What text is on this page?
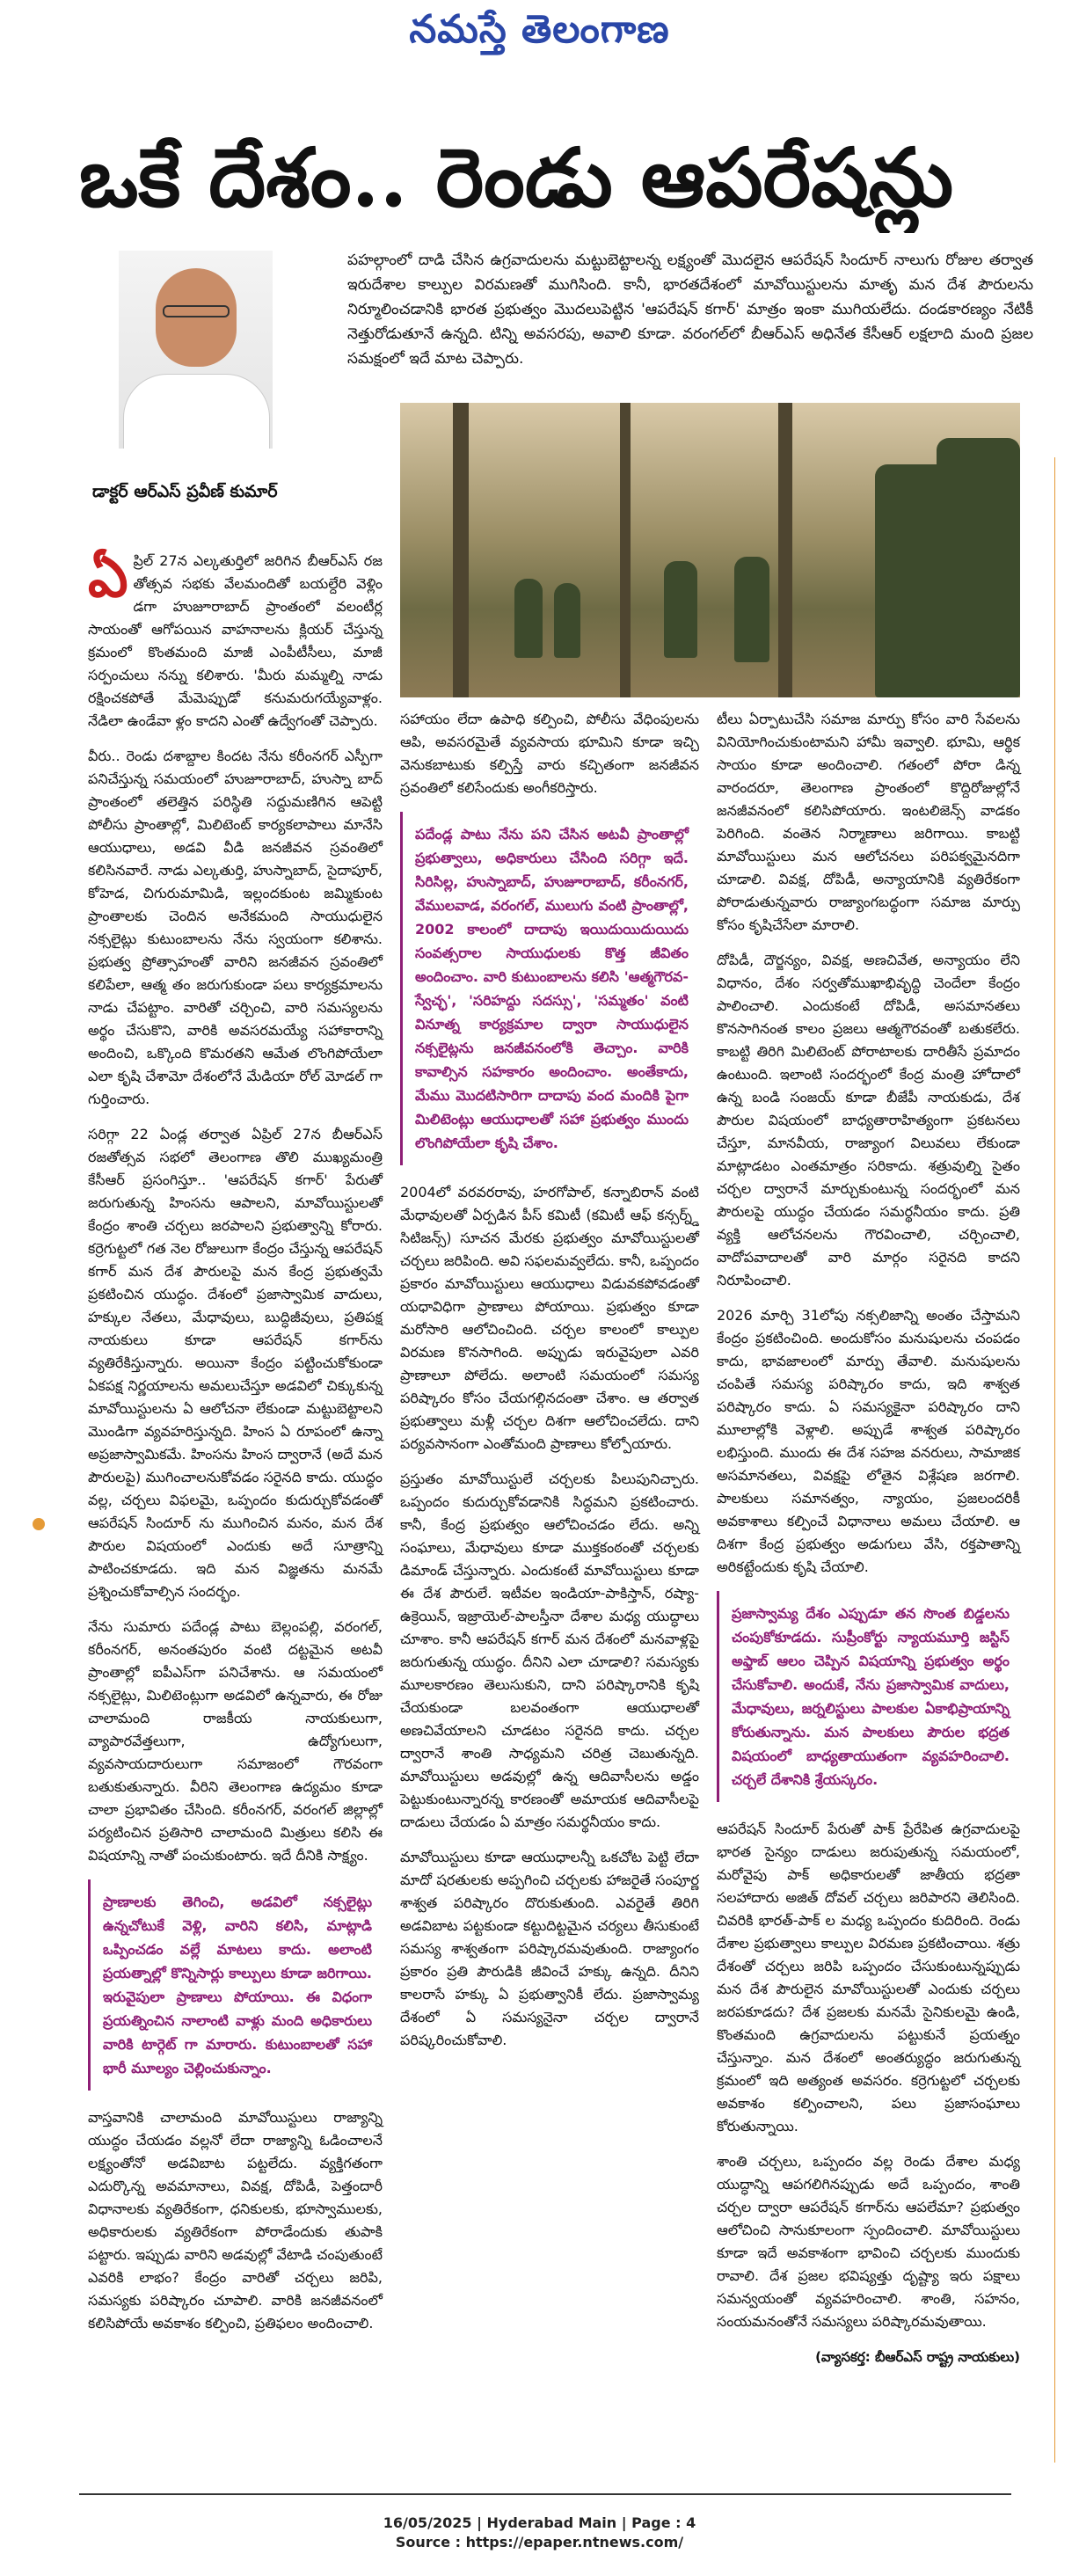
నమస్తే తెలంగాణ
ఒకే దేశం.. రెండు ఆపరేషన్లు
డాక్టర్ ఆర్ఎస్ ప్రవీణ్ కుమార్

పహల్గాంలో దాడి చేసిన ఉగ్రవాదులను మట్టుబెట్టాలన్న లక్ష్యంతో మొదలైన ఆపరేషన్ సిందూర్ నాలుగు రోజుల తర్వాత ఇరుదేశాల కాల్పుల విరమణతో ముగిసింది. కానీ, భారతదేశంలో మావోయిస్టులను మాతృ మన దేశ పౌరులను నిర్మూలించడానికి భారత ప్రభుత్వం మొదలుపెట్టిన 'ఆపరేషన్ కగార్' మాత్రం ఇంకా ముగియలేదు. దండకారణ్యం నేటికీ నెత్తురోడుతూనే ఉన్నది. టిన్ని అవసరపు, అవాలి కూడా. వరంగల్‌లో బీఆర్ఎస్ అధినేత కేసీఆర్ లక్షలాది మంది ప్రజల సమక్షంలో ఇదే మాట చెప్పారు.

ఏప్రిల్ 27న ఎల్కతుర్తిలో జరిగిన బీఆర్ఎస్ రజ తోత్సవ సభకు వేలమందితో బయల్దేరి వెళ్లిం డగా హుజూరాబాద్ ప్రాంతంలో వలంటీర్ల సాయంతో ఆగోపయిన వాహనాలను క్లియర్ చేస్తున్న క్రమంలో కొంతమంది మాజీ ఎంపీటీసీలు, మాజీ సర్పంచులు నన్ను కలిశారు. 'మీరు మమ్మల్ని నాడు రక్షించకపోతే మేమెప్పుడో కనుమరుగయ్యేవాళ్లం. నేడిలా ఉండేవా ళ్లం కాదని ఎంతో ఉద్వేగంతో చెప్పారు.

వీరు.. రెండు దశాబ్దాల కిందట నేను కరీంనగర్ ఎస్పీగా పనిచేస్తున్న సమయంలో హుజూరాబాద్, హుస్నా బాద్ ప్రాంతంలో తలెత్తిన పరిస్థితి సద్దుమణిగిన ఆపెట్టి పోలీసు ప్రాంతాల్లో, మిలిటెంట్ కార్యకలాపాలు మానేసి ఆయుధాలు, అడవి వీడి జనజీవన స్రవంతిలో కలిసినవారే. నాడు ఎల్కతుర్తి, హుస్నాబాద్, సైదాపూర్, కోహెడ, చిగురుమామిడి, ఇల్లందకుంట జమ్మికుంట ప్రాంతాలకు చెందిన అనేకమంది సాయుధులైన నక్సలైట్లు కుటుంబాలను నేను స్వయంగా కలిశాను. ప్రభుత్వ ప్రోత్సాహంతో వారిని జనజీవన స్రవంతిలో కలిపేలా, ఆత్మ తం జరుగుకుండా పలు కార్యక్రమాలను నాడు చేపట్టాం. వారితో చర్చించి, వారి సమస్యలను అర్థం చేసుకొని, వారికి అవసరమయ్యే సహాకారాన్ని అందించి, ఒక్కొంది కొమరతని ఆమేత లొంగిపోయేలా ఎలా కృషి చేశామో దేశంలోనే మేడియా రోల్ మోడల్ గా గుర్తించారు.

సరిగ్గా 22 ఏండ్ల తర్వాత ఏప్రిల్ 27న బీఆర్ఎస్ రజతోత్సవ సభలో తెలంగాణ తొలి ముఖ్యమంత్రి కేసీఆర్ ప్రసంగిస్తూ.. 'ఆపరేషన్ కగార్' పేరుతో జరుగుతున్న హింసను ఆపాలని, మావోయిస్టులతో కేంద్రం శాంతి చర్చలు జరపాలని ప్రభుత్వాన్ని కోరారు. కర్రెగుట్టలో గత నెల రోజులుగా కేంద్రం చేస్తున్న ఆపరేషన్ కగార్ మన దేశ పౌరులపై మన కేంద్ర ప్రభుత్వమే ప్రకటించిన యుద్ధం. దేశంలో ప్రజాస్వామిక వాదులు, హక్కుల నేతలు, మేధావులు, బుద్ధిజీవులు, ప్రతిపక్ష నాయకులు కూడా ఆపరేషన్ కగార్‌ను వ్యతిరేకిస్తున్నారు. అయినా కేంద్రం పట్టించుకోకుండా ఏకపక్ష నిర్ణయాలను అమలుచేస్తూ అడవిలో చిక్కుకున్న మావోయిస్టులను ఏ ఆలోచనా లేకుండా మట్టుబెట్టాలని మొండిగా వ్యవహరిస్తున్నది. హింస ఏ రూపంలో ఉన్నా అప్రజాస్వామికమే. హింసను హింస ద్వారానే (అదే మన పౌరులపై) ముగించాలనుకోవడం సరైనది కాదు. యుద్ధం వల్ల, చర్చలు విఫలమై, ఒప్పందం కుదుర్చుకోవడంతో ఆపరేషన్ సిందూర్ ను ముగించిన మనం, మన దేశ పౌరుల విషయంలో ఎందుకు అదే సూత్రాన్ని పాటించకూడదు. ఇది మన విజ్ఞతను మనమే ప్రశ్నించుకోవాల్సిన సందర్భం.

నేను సుమారు పదేండ్ల పాటు బెల్లంపల్లి, వరంగల్, కరీంనగర్, అనంతపురం వంటి దట్టమైన అటవీ ప్రాంతాల్లో ఐపీఎస్‌గా పనిచేశాను. ఆ సమయంలో నక్సలైట్లు, మిలిటెంట్లుగా అడవిలో ఉన్నవారు, ఈ రోజు చాలామంది రాజకీయ నాయకులుగా, వ్యాపారవేత్తలుగా, ఉద్యోగులుగా, వ్యవసాయదారులుగా సమాజంలో గౌరవంగా బతుకుతున్నారు. వీరిని తెలంగాణ ఉద్యమం కూడా చాలా ప్రభావితం చేసింది. కరీంనగర్, వరంగల్ జిల్లాల్లో పర్యటించిన ప్రతిసారి చాలామంది మిత్రులు కలిసి ఈ విషయాన్ని నాతో పంచుకుంటారు. ఇదే దీనికి సాక్ష్యం.

ప్రాణాలకు తెగించి, అడవిలో నక్సలైట్లు ఉన్నచోటుకే వెళ్లి, వారిని కలిసి, మాట్లాడి ఒప్పించడం వల్లే మాటలు కాదు. అలాంటి ప్రయత్నాల్లో కొన్నిసార్లు కాల్పులు కూడా జరిగాయి. ఇరువైపులా ప్రాణాలు పోయాయి. ఈ విధంగా ప్రయత్నించిన నాలాంటి వాళ్లు మంది అధికారులు వారికి టార్గెట్ గా మారారు. కుటుంబాలతో సహా భారీ మూల్యం చెల్లించుకున్నాం.

వాస్తవానికి చాలామంది మావోయిస్టులు రాజ్యాన్ని యుద్ధం చేయడం వల్లనో లేదా రాజ్యాన్ని ఓడించాలనే లక్ష్యంతోనో అడవిబాట పట్టలేదు. వ్యక్తిగతంగా ఎదుర్కొన్న అవమానాలు, వివక్ష, దోపిడీ, పెత్తందారీ విధానాలకు వ్యతిరేకంగా, ధనికులకు, భూస్వాములకు, అధికారులకు వ్యతిరేకంగా పోరాడేందుకు తుపాకి పట్టారు. ఇప్పుడు వారిని అడవుల్లో వేటాడి చంపుతుంటే ఎవరికి లాభం? కేంద్రం వారితో చర్చలు జరిపి, సమస్యకు పరిష్కారం చూపాలి. వారికి జనజీవనంలో కలిసిపోయే అవకాశం కల్పించి, ప్రతిఫలం అందించాలి.

సహాయం లేదా ఉపాధి కల్పించి, పోలీసు వేధింపులను ఆపి, అవసరమైతే వ్యవసాయ భూమిని కూడా ఇచ్చి వెనుకబాటుకు కల్పిస్తే వారు కచ్చితంగా జనజీవన స్రవంతిలో కలిసేందుకు అంగీకరిస్తారు.

పదేండ్ల పాటు నేను పని చేసిన అటవీ ప్రాంతాల్లో ప్రభుత్వాలు, అధికారులు చేసింది సరిగ్గా ఇదే. సిరిసిల్ల, హుస్నాబాద్, హుజూరాబాద్, కరీంనగర్, వేములవాడ, వరంగల్, ములుగు వంటి ప్రాంతాల్లో, 2002 కాలంలో దాదాపు ఇయిదుయిదుయిదు సంవత్సరాల సాయుధులకు కొత్త జీవితం అందించాం. వారి కుటుంబాలను కలిసి 'ఆత్మగౌరవ-స్వేచ్ఛ', 'సరిహద్దు సదస్సు', 'సమ్మతం' వంటి వినూత్న కార్యక్రమాల ద్వారా సాయుధులైన నక్సలైట్లను జనజీవనంలోకి తెచ్చాం. వారికి కావాల్సిన సహకారం అందించాం. అంతేకాదు, మేము మొదటిసారిగా దాదాపు వంద మందికి పైగా మిలిటెంట్లు ఆయుధాలతో సహా ప్రభుత్వం ముందు లొంగిపోయేలా కృషి చేశాం.

2004లో వరవరరావు, హరగోపాల్, కన్నాబిరాన్ వంటి మేధావులతో ఏర్పడిన పీస్ కమిటీ (కమిటీ ఆఫ్ కన్సర్న్డ్ సిటిజన్స్) సూచన మేరకు ప్రభుత్వం మావోయిస్టులతో చర్చలు జరిపింది. అవి సఫలమవ్వలేదు. కానీ, ఒప్పందం ప్రకారం మావోయిస్టులు ఆయుధాలు విడువకపోవడంతో యధావిధిగా ప్రాణాలు పోయాయి. ప్రభుత్వం కూడా మరోసారి ఆలోచించింది. చర్చల కాలంలో కాల్పుల విరమణ కొనసాగింది. అప్పుడు ఇరువైపులా ఎవరి ప్రాణాలూ పోలేదు. అలాంటి సమయంలో సమస్య పరిష్కారం కోసం చేయగల్గినదంతా చేశాం. ఆ తర్వాత ప్రభుత్వాలు మళ్లీ చర్చల దిశగా ఆలోచించలేదు. దాని పర్యవసానంగా ఎంతోమంది ప్రాణాలు కోల్పోయారు.

ప్రస్తుతం మావోయిస్టులే చర్చలకు పిలుపునిచ్చారు. ఒప్పందం కుదుర్చుకోవడానికి సిద్ధమని ప్రకటించారు. కానీ, కేంద్ర ప్రభుత్వం ఆలోచించడం లేదు. అన్ని సంఘాలు, మేధావులు కూడా ముక్తకంఠంతో చర్చలకు డిమాండ్ చేస్తున్నారు. ఎందుకంటే మావోయిస్టులు కూడా ఈ దేశ పౌరులే. ఇటీవల ఇండియా-పాకిస్తాన్, రష్యా-ఉక్రెయిన్, ఇజ్రాయెల్-పాలస్తీనా దేశాల మధ్య యుద్ధాలు చూశాం. కానీ ఆపరేషన్ కగార్ మన దేశంలో మనవాళ్లపై జరుగుతున్న యుద్ధం. దీనిని ఎలా చూడాలి? సమస్యకు మూలకారణం తెలుసుకుని, దాని పరిష్కారానికి కృషి చేయకుండా బలవంతంగా ఆయుధాలతో అణచివేయాలని చూడటం సరైనది కాదు. చర్చల ద్వారానే శాంతి సాధ్యమని చరిత్ర చెబుతున్నది. మావోయిస్టులు అడవుల్లో ఉన్న ఆదివాసీలను అడ్డం పెట్టుకుంటున్నారన్న కారణంతో అమాయక ఆదివాసీలపై దాడులు చేయడం ఏ మాత్రం సమర్థనీయం కాదు.

మావోయిస్టులు కూడా ఆయుధాలన్నీ ఒకచోట పెట్టి లేదా మాదో షరతులకు అప్పగించి చర్చలకు హాజరైతే సంపూర్ణ శాశ్వత పరిష్కారం దొరుకుతుంది. ఎవరైతే తిరిగి అడవిబాట పట్టకుండా కట్టుదిట్టమైన చర్యలు తీసుకుంటే సమస్య శాశ్వతంగా పరిష్కారమవుతుంది. రాజ్యాంగం ప్రకారం ప్రతి పౌరుడికి జీవించే హక్కు ఉన్నది. దీనిని కాలరాసే హక్కు ఏ ప్రభుత్వానికీ లేదు. ప్రజాస్వామ్య దేశంలో ఏ సమస్యనైనా చర్చల ద్వారానే పరిష్కరించుకోవాలి.

టీలు ఏర్పాటుచేసి సమాజ మార్పు కోసం వారి సేవలను వినియోగించుకుంటామని హామీ ఇవ్వాలి. భూమి, ఆర్థిక సాయం కూడా అందించాలి. గతంలో పోరా డిన్న వారందరూ, తెలంగాణ ప్రాంతంలో కొద్దిరోజుల్లోనే జనజీవనంలో కలిసిపోయారు. ఇంటలిజెన్స్ వాడకం పెరిగింది. వంతెన నిర్మాణాలు జరిగాయి. కాబట్టి మావోయిస్టులు మన ఆలోచనలు పరిపక్వమైనదిగా చూడాలి. వివక్ష, దోపిడీ, అన్యాయానికి వ్యతిరేకంగా పోరాడుతున్నవారు రాజ్యాంగబద్ధంగా సమాజ మార్పు కోసం కృషిచేసేలా మారాలి.

దోపిడీ, దౌర్జన్యం, వివక్ష, అణచివేత, అన్యాయం లేని విధానం, దేశం సర్వతోముఖాభివృద్ధి చెందేలా కేంద్రం పాలించాలి. ఎందుకంటే దోపిడీ, అసమానతలు కొనసాగినంత కాలం ప్రజలు ఆత్మగౌరవంతో బతుకలేరు. కాబట్టి తిరిగి మిలిటెంట్ పోరాటాలకు దారితీసే ప్రమాదం ఉంటుంది. ఇలాంటి సందర్భంలో కేంద్ర మంత్రి హోదాలో ఉన్న బండి సంజయ్ కూడా బీజేపీ నాయకుడు, దేశ పౌరుల విషయంలో బాధ్యతారాహిత్యంగా ప్రకటనలు చేస్తూ, మానవీయ, రాజ్యాంగ విలువలు లేకుండా మాట్లాడటం ఎంతమాత్రం సరికాదు. శత్రువుల్ని సైతం చర్చల ద్వారానే మార్చుకుంటున్న సందర్భంలో మన పౌరులపై యుద్ధం చేయడం సమర్థనీయం కాదు. ప్రతి వ్యక్తి ఆలోచనలను గౌరవించాలి, చర్చించాలి, వాదోపవాదాలతో వారి మార్గం సరైనది కాదని నిరూపించాలి.

2026 మార్చి 31లోపు నక్సలిజాన్ని అంతం చేస్తామని కేంద్రం ప్రకటించింది. అందుకోసం మనుషులను చంపడం కాదు, భావజాలంలో మార్పు తేవాలి. మనుషులను చంపితే సమస్య పరిష్కారం కాదు, ఇది శాశ్వత పరిష్కారం కాదు. ఏ సమస్యకైనా పరిష్కారం దాని మూలాల్లోకి వెళ్లాలి. అప్పుడే శాశ్వత పరిష్కారం లభిస్తుంది. ముందు ఈ దేశ సహజ వనరులు, సామాజిక అసమానతలు, వివక్షపై లోతైన విశ్లేషణ జరగాలి. పాలకులు సమానత్వం, న్యాయం, ప్రజలందరికీ అవకాశాలు కల్పించే విధానాలు అమలు చేయాలి. ఆ దిశగా కేంద్ర ప్రభుత్వం అడుగులు వేసి, రక్తపాతాన్ని అరికట్టేందుకు కృషి చేయాలి.

ప్రజాస్వామ్య దేశం ఎప్పుడూ తన సొంత బిడ్డలను చంపుకోకూడదు. సుప్రీంకోర్టు న్యాయమూర్తి జస్టిస్ అఫ్తాబ్ ఆలం చెప్పిన విషయాన్ని ప్రభుత్వం అర్థం చేసుకోవాలి. అందుకే, నేను ప్రజాస్వామిక వాదులు, మేధావులు, జర్నలిస్టులు పాలకుల ఏకాభిప్రాయాన్ని కోరుతున్నాను. మన పాలకులు పౌరుల భద్రత విషయంలో బాధ్యతాయుతంగా వ్యవహరించాలి. చర్చలే దేశానికి శ్రేయస్కరం.

ఆపరేషన్ సిందూర్ పేరుతో పాక్ ప్రేరేపిత ఉగ్రవాదులపై భారత సైన్యం దాడులు జరుపుతున్న సమయంలో, మరోవైపు పాక్ అధికారులతో జాతీయ భద్రతా సలహాదారు అజిత్ దోవల్ చర్చలు జరిపారని తెలిసింది. చివరికి భారత్-పాక్ ల మధ్య ఒప్పందం కుదిరింది. రెండు దేశాల ప్రభుత్వాలు కాల్పుల విరమణ ప్రకటించాయి. శత్రు దేశంతో చర్చలు జరిపి ఒప్పందం చేసుకుంటున్నప్పుడు మన దేశ పౌరులైన మావోయిస్టులతో ఎందుకు చర్చలు జరపకూడదు? దేశ ప్రజలకు మనమే సైనికులమై ఉండి, కొంతమంది ఉగ్రవాదులను పట్టుకునే ప్రయత్నం చేస్తున్నాం. మన దేశంలో అంతర్యుద్ధం జరుగుతున్న క్రమంలో ఇది అత్యంత అవసరం. కర్రెగుట్టలో చర్చలకు అవకాశం కల్పించాలని, పలు ప్రజాసంఘాలు కోరుతున్నాయి.

శాంతి చర్చలు, ఒప్పందం వల్ల రెండు దేశాల మధ్య యుద్ధాన్ని ఆపగలిగినప్పుడు అదే ఒప్పందం, శాంతి చర్చల ద్వారా ఆపరేషన్ కగార్‌ను ఆపలేమా? ప్రభుత్వం ఆలోచించి సానుకూలంగా స్పందించాలి. మావోయిస్టులు కూడా ఇదే అవకాశంగా భావించి చర్చలకు ముందుకు రావాలి. దేశ ప్రజల భవిష్యత్తు దృష్ట్యా ఇరు పక్షాలు సమన్వయంతో వ్యవహరించాలి. శాంతి, సహనం, సంయమనంతోనే సమస్యలు పరిష్కారమవుతాయి.

(వ్యాసకర్త: బీఆర్ఎస్ రాష్ట్ర నాయకులు)
16/05/2025 | Hyderabad Main | Page : 4
Source : https://epaper.ntnews.com/
